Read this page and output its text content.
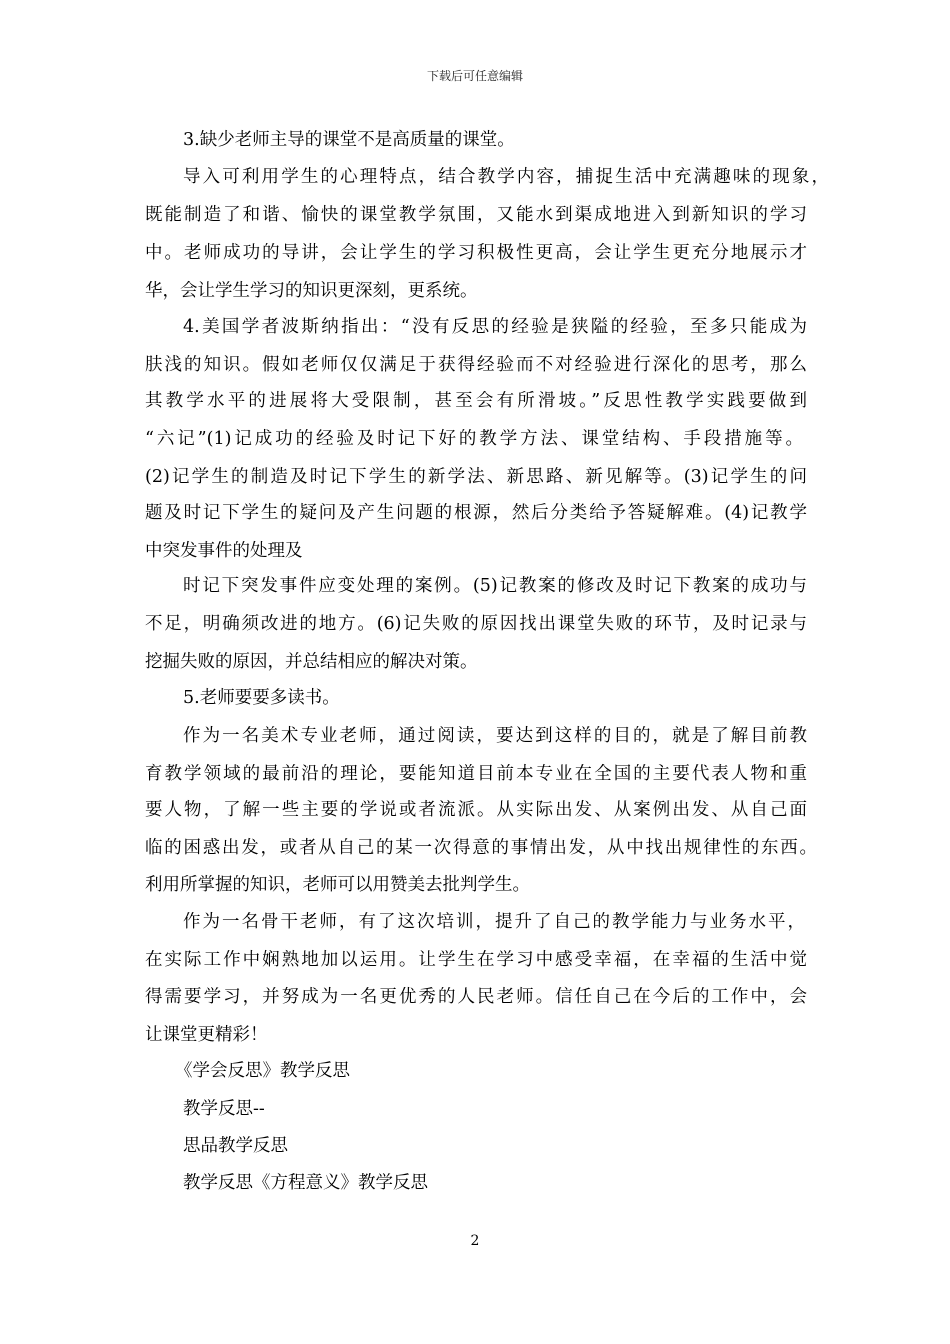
下载后可任意编辑
3.缺少老师主导的课堂不是高质量的课堂。
导入可利用学生的心理特点，结合教学内容，捕捉生活中充满趣味的现象，
既能制造了和谐、愉快的课堂教学氛围，又能水到渠成地进入到新知识的学习
中。老师成功的导讲，会让学生的学习积极性更高，会让学生更充分地展示才
华，会让学生学习的知识更深刻，更系统。
4.美国学者波斯纳指出：“没有反思的经验是狭隘的经验，至多只能成为
肤浅的知识。假如老师仅仅满足于获得经验而不对经验进行深化的思考，那么
其教学水平的进展将大受限制，甚至会有所滑坡。”反思性教学实践要做到
“六记”(1)记成功的经验及时记下好的教学方法、课堂结构、手段措施等。
(2)记学生的制造及时记下学生的新学法、新思路、新见解等。(3)记学生的问
题及时记下学生的疑问及产生问题的根源，然后分类给予答疑解难。(4)记教学
中突发事件的处理及
时记下突发事件应变处理的案例。(5)记教案的修改及时记下教案的成功与
不足，明确须改进的地方。(6)记失败的原因找出课堂失败的环节，及时记录与
挖掘失败的原因，并总结相应的解决对策。
5.老师要要多读书。
作为一名美术专业老师，通过阅读，要达到这样的目的，就是了解目前教
育教学领域的最前沿的理论，要能知道目前本专业在全国的主要代表人物和重
要人物，了解一些主要的学说或者流派。从实际出发、从案例出发、从自己面
临的困惑出发，或者从自己的某一次得意的事情出发，从中找出规律性的东西。
利用所掌握的知识，老师可以用赞美去批判学生。
作为一名骨干老师，有了这次培训，提升了自己的教学能力与业务水平，
在实际工作中娴熟地加以运用。让学生在学习中感受幸福，在幸福的生活中觉
得需要学习，并努成为一名更优秀的人民老师。信任自己在今后的工作中，会
让课堂更精彩！
《学会反思》教学反思
教学反思--
思品教学反思
教学反思《方程意义》教学反思
2
